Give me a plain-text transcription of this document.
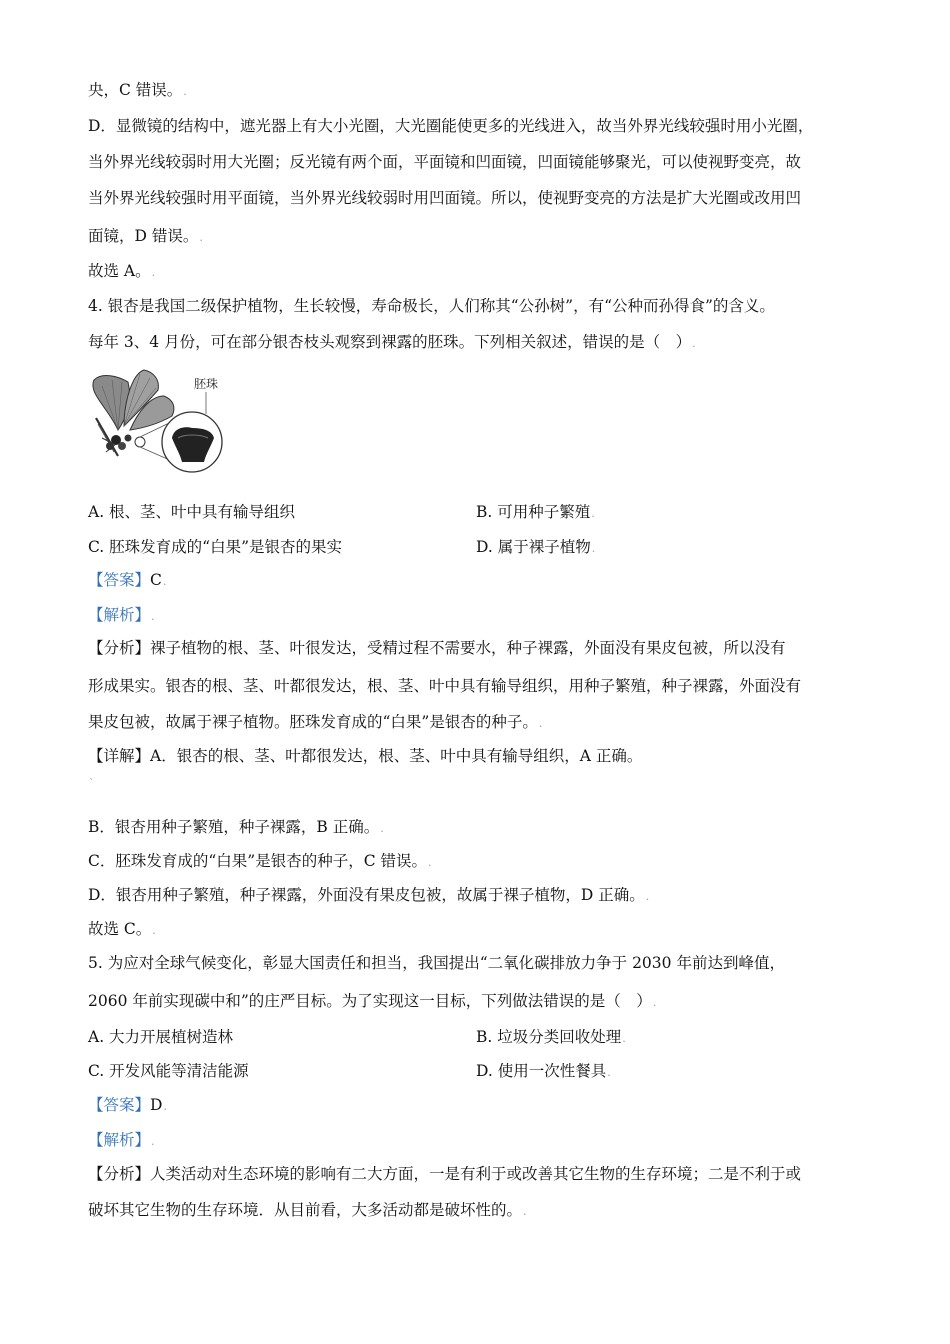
央，C 错误。.
D．显微镜的结构中，遮光器上有大小光圈，大光圈能使更多的光线进入，故当外界光线较强时用小光圈，
当外界光线较弱时用大光圈；反光镜有两个面，平面镜和凹面镜，凹面镜能够聚光，可以使视野变亮，故
当外界光线较强时用平面镜，当外界光线较弱时用凹面镜。所以，使视野变亮的方法是扩大光圈或改用凹
面镜，D 错误。.
故选 A。.
4. 银杏是我国二级保护植物，生长较慢，寿命极长，人们称其“公孙树”，有“公种而孙得食”的含义。
每年 3、4 月份，可在部分银杏枝头观察到裸露的胚珠。下列相关叙述，错误的是（　）.
胚珠
A. 根、茎、叶中具有输导组织	B. 可用种子繁殖.
C. 胚珠发育成的“白果”是银杏的果实	D. 属于裸子植物.
【答案】C.
【解析】.
【分析】裸子植物的根、茎、叶很发达，受精过程不需要水，种子裸露，外面没有果皮包被，所以没有
形成果实。银杏的根、茎、叶都很发达，根、茎、叶中具有输导组织，用种子繁殖，种子裸露，外面没有
果皮包被，故属于裸子植物。胚珠发育成的“白果”是银杏的种子。.
【详解】A．银杏的根、茎、叶都很发达，根、茎、叶中具有输导组织，A 正确。
`
B．银杏用种子繁殖，种子裸露，B 正确。.
C．胚珠发育成的“白果”是银杏的种子，C 错误。.
D．银杏用种子繁殖，种子裸露，外面没有果皮包被，故属于裸子植物，D 正确。.
故选 C。.
5. 为应对全球气候变化，彰显大国责任和担当，我国提出“二氧化碳排放力争于 2030 年前达到峰值，
2060 年前实现碳中和”的庄严目标。为了实现这一目标，下列做法错误的是（　）.
A. 大力开展植树造林	B. 垃圾分类回收处理.
C. 开发风能等清洁能源	D. 使用一次性餐具.
【答案】D.
【解析】.
【分析】人类活动对生态环境的影响有二大方面，一是有利于或改善其它生物的生存环境；二是不利于或
破坏其它生物的生存环境．从目前看，大多活动都是破坏性的。.
